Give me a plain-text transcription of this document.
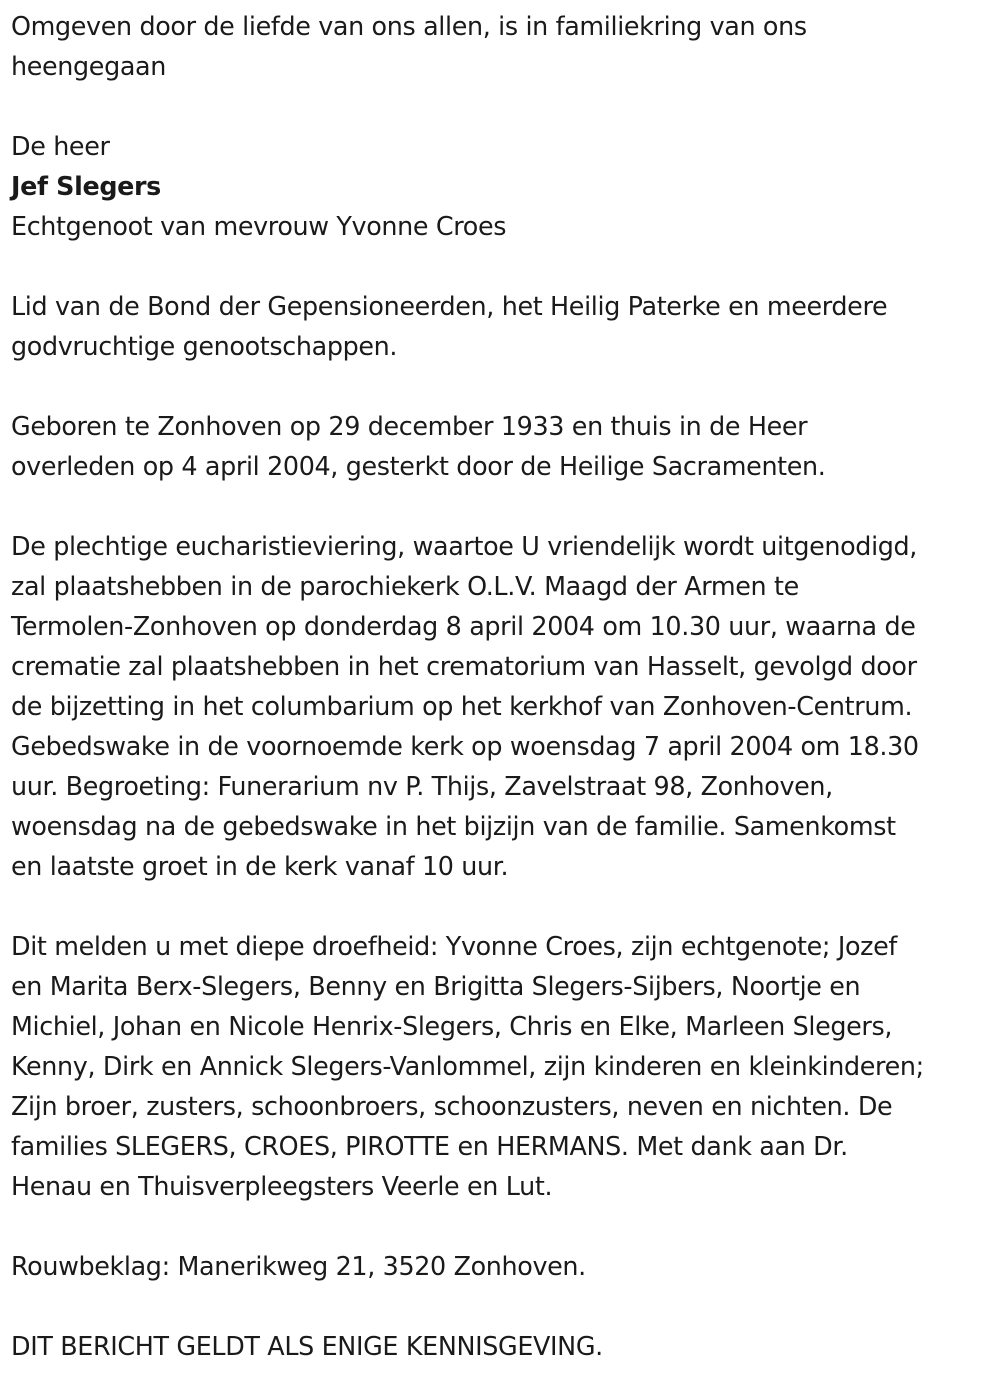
Omgeven door de liefde van ons allen, is in familiekring van ons
heengegaan

De heer

Jef Slegers

Echtgenoot van mevrouw Yvonne Croes

Lid van de Bond der Gepensioneerden, het Heilig Paterke en meerdere
godvruchtige genootschappen.

Geboren te Zonhoven op 29 december 1933 en thuis in de Heer
overleden op 4 april 2004, gesterkt door de Heilige Sacramenten.

De plechtige eucharistieviering, waartoe U vriendelijk wordt uitgenodigd,
zal plaatshebben in de parochiekerk O.L.V. Maagd der Armen te
Termolen-Zonhoven op donderdag 8 april 2004 om 10.30 uur, waarna de
crematie zal plaatshebben in het crematorium van Hasselt, gevolgd door
de bijzetting in het columbarium op het kerkhof van Zonhoven-Centrum.
Gebedswake in de voornoemde kerk op woensdag 7 april 2004 om 18.30
uur. Begroeting: Funerarium nv P. Thijs, Zavelstraat 98, Zonhoven,
woensdag na de gebedswake in het bijzijn van de familie. Samenkomst
en laatste groet in de kerk vanaf 10 uur.

Dit melden u met diepe droefheid: Yvonne Croes, zijn echtgenote; Jozef
en Marita Berx-Slegers, Benny en Brigitta Slegers-Sijbers, Noortje en
Michiel, Johan en Nicole Henrix-Slegers, Chris en Elke, Marleen Slegers,
Kenny, Dirk en Annick Slegers-Vanlommel, zijn kinderen en kleinkinderen;
Zijn broer, zusters, schoonbroers, schoonzusters, neven en nichten. De
families SLEGERS, CROES, PIROTTE en HERMANS. Met dank aan Dr.
Henau en Thuisverpleegsters Veerle en Lut.

Rouwbeklag: Manerikweg 21, 3520 Zonhoven.

DIT BERICHT GELDT ALS ENIGE KENNISGEVING.
